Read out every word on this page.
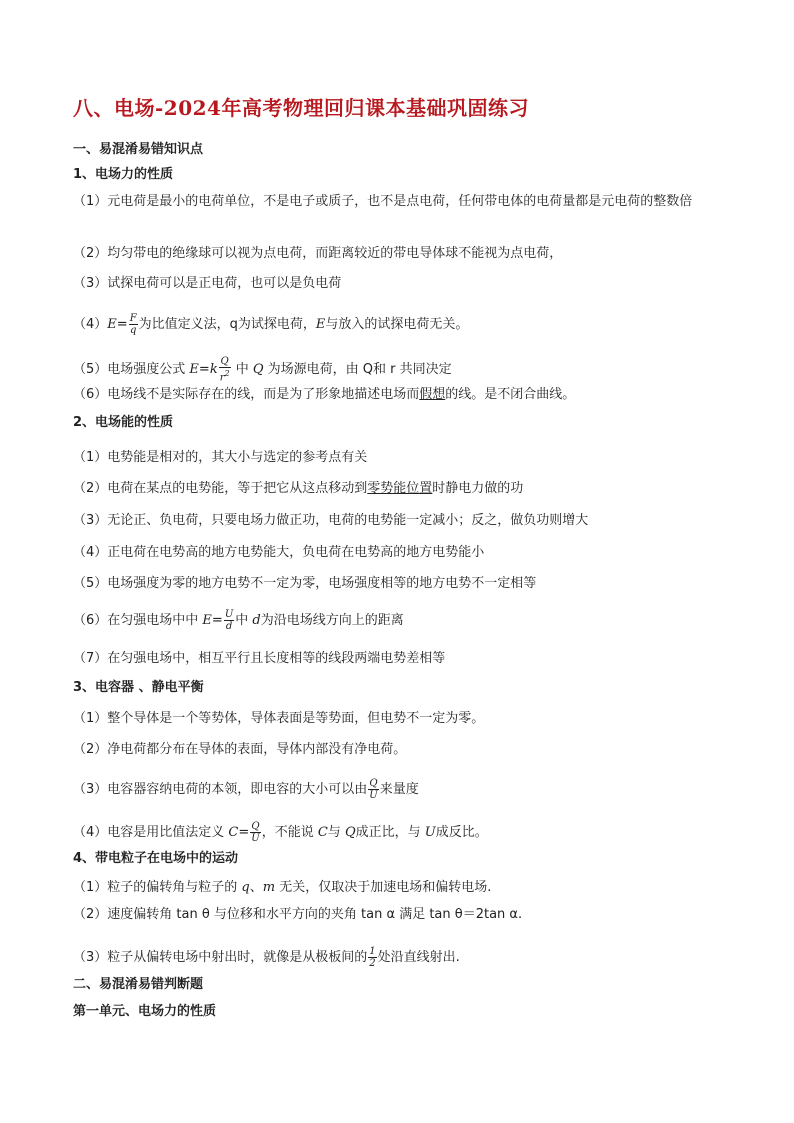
八、电场-2024年高考物理回归课本基础巩固练习
一、易混淆易错知识点
1、电场力的性质
（1）元电荷是最小的电荷单位，不是电子或质子，也不是点电荷，任何带电体的电荷量都是元电荷的整数倍
（2）均匀带电的绝缘球可以视为点电荷，而距离较近的带电导体球不能视为点电荷，
（3）试探电荷可以是正电荷，也可以是负电荷
$(4)E= \frac{F}{q}$ 为比值定义法，q为试探电荷，E与放入的试探电荷无关。
（5）电场强度公式 $E=k \frac{Q}{r^2}$ 中 Q 为场源电荷，由 Q和 r 共同决定
（6）电场线不是实际存在的线，而是为了形象地描述电场而假想的线。是不闭合曲线。
2、电场能的性质
（1）电势能是相对的，其大小与选定的参考点有关
（2）电荷在某点的电势能，等于把它从这点移动到零势能位置时静电力做的功
（3）无论正、负电荷，只要电场力做正功，电荷的电势能一定减小；反之，做负功则增大
（4）正电荷在电势高的地方电势能大，负电荷在电势高的地方电势能小
（5）电场强度为零的地方电势不一定为零，电场强度相等的地方电势不一定相等
（6）在匀强电场中中 $E= \frac{U}{d}$ 中 d为沿电场线方向上的距离
（7）在匀强电场中，相互平行且长度相等的线段两端电势差相等
3、电容器 、静电平衡
（1）整个导体是一个等势体，导体表面是等势面，但电势不一定为零。
（2）净电荷都分布在导体的表面，导体内部没有净电荷。
（3）电容器容纳电荷的本领，即电容的大小可以由 $\frac{Q}{U}$ 来量度
（4）电容是用比值法定义 $C= \frac{Q}{U}$ ，不能说 C与 Q成正比，与 U成反比。
4、带电粒子在电场中的运动
（1）粒子的偏转角与粒子的 q、m 无关，仅取决于加速电场和偏转电场.
（2）速度偏转角 tan θ 与位移和水平方向的夹角 tan α 满足 tan θ＝2tan α.
（3）粒子从偏转电场中射出时，就像是从极板间的 $\frac{1}{2}$ 处沿直线射出.
二、易混淆易错判断题
第一单元、电场力的性质
